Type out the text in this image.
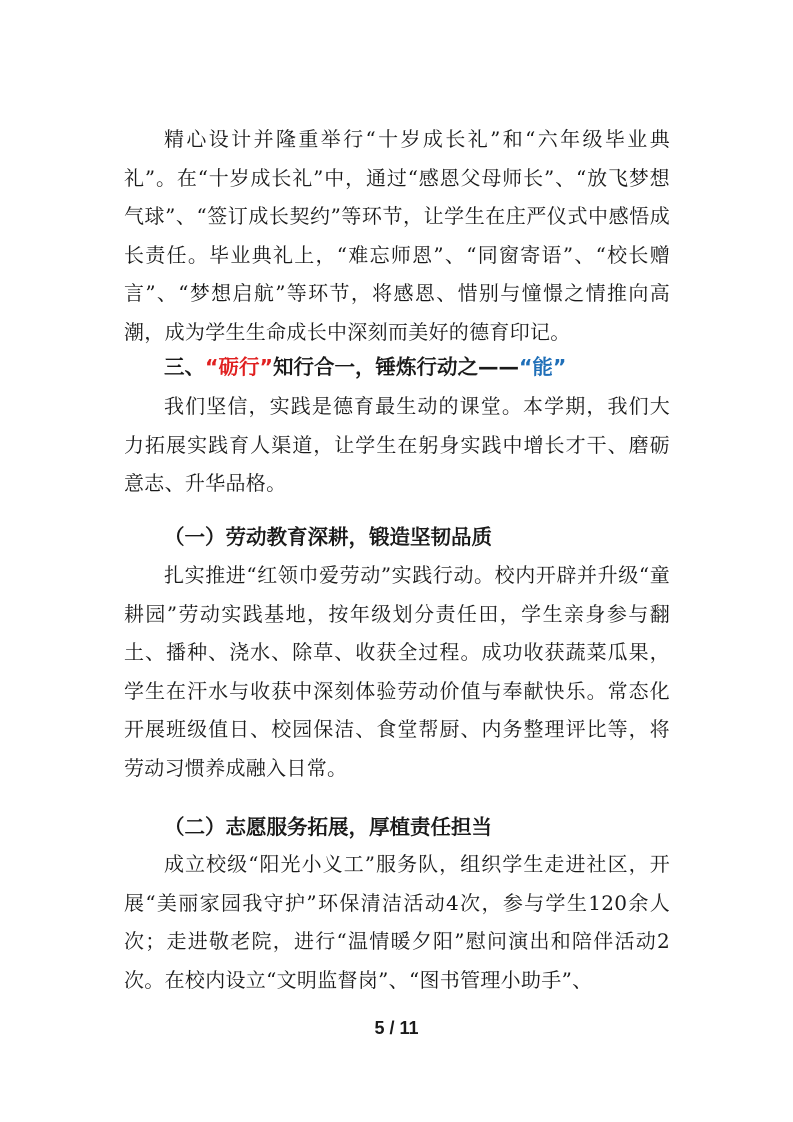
精心设计并隆重举行“十岁成长礼”和“六年级毕业典礼”。在“十岁成长礼”中，通过“感恩父母师长”、“放飞梦想气球”、“签订成长契约”等环节，让学生在庄严仪式中感悟成长责任。毕业典礼上，“难忘师恩”、“同窗寄语”、“校长赠言”、“梦想启航”等环节，将感恩、惜别与憧憬之情推向高潮，成为学生生命成长中深刻而美好的德育印记。

三、“砺行”知行合一，锤炼行动之——“能”

我们坚信，实践是德育最生动的课堂。本学期，我们大力拓展实践育人渠道，让学生在躬身实践中增长才干、磨砺意志、升华品格。

（一）劳动教育深耕，锻造坚韧品质

扎实推进“红领巾爱劳动”实践行动。校内开辟并升级“童耕园”劳动实践基地，按年级划分责任田，学生亲身参与翻土、播种、浇水、除草、收获全过程。成功收获蔬菜瓜果，学生在汗水与收获中深刻体验劳动价值与奉献快乐。常态化开展班级值日、校园保洁、食堂帮厨、内务整理评比等，将劳动习惯养成融入日常。

（二）志愿服务拓展，厚植责任担当

成立校级“阳光小义工”服务队，组织学生走进社区，开展“美丽家园我守护”环保清洁活动4次，参与学生120余人次；走进敬老院，进行“温情暖夕阳”慰问演出和陪伴活动2次。在校内设立“文明监督岗”、“图书管理小助手”、

5 / 11
